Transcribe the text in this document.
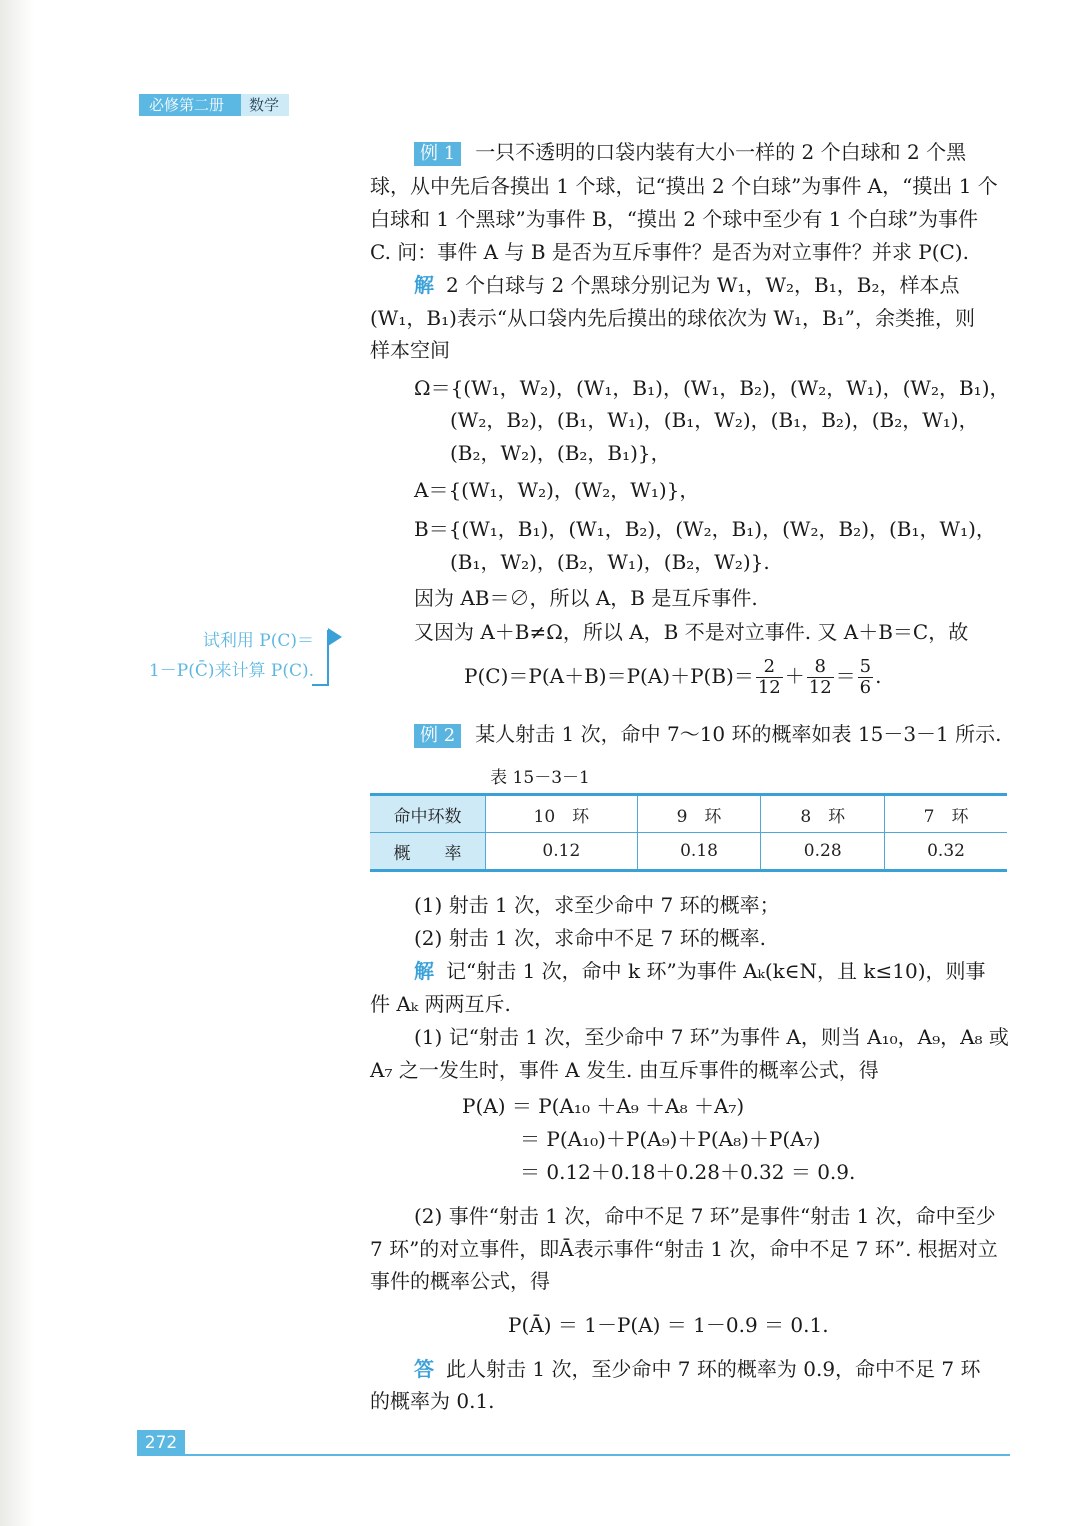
必修第二册	数学
例 1 一只不透明的口袋内装有大小一样的 2 个白球和 2 个黑
球，从中先后各摸出 1 个球，记“摸出 2 个白球”为事件 A，“摸出 1 个
白球和 1 个黑球”为事件 B，“摸出 2 个球中至少有 1 个白球”为事件
C. 问：事件 A 与 B 是否为互斥事件？是否为对立事件？并求 P(C).
解 2 个白球与 2 个黑球分别记为 W₁，W₂，B₁，B₂，样本点
(W₁，B₁)表示“从口袋内先后摸出的球依次为 W₁，B₁”，余类推，则
样本空间
Ω＝{(W₁，W₂)，(W₁，B₁)，(W₁，B₂)，(W₂，W₁)，(W₂，B₁)，
(W₂，B₂)，(B₁，W₁)，(B₁，W₂)，(B₁，B₂)，(B₂，W₁)，
(B₂，W₂)，(B₂，B₁)}，
A＝{(W₁，W₂)，(W₂，W₁)}，
B＝{(W₁，B₁)，(W₁，B₂)，(W₂，B₁)，(W₂，B₂)，(B₁，W₁)，
(B₁，W₂)，(B₂，W₁)，(B₂，W₂)}.
因为 AB＝∅，所以 A，B 是互斥事件.
又因为 A＋B≠Ω，所以 A，B 不是对立事件. 又 A＋B＝C，故
$P(C)=P(A+B)=P(A)+P(B)= \frac{2}{12} + \frac{8}{12} = \frac{5}{6}$ .
例 2 某人射击 1 次，命中 7～10 环的概率如表 15－3－1 所示.
(1) 射击 1 次，求至少命中 7 环的概率；
(2) 射击 1 次，求命中不足 7 环的概率.
解 记“射击 1 次，命中 k 环”为事件 Aₖ(k∈N，且 k≤10)，则事
件 Aₖ 两两互斥.
(1) 记“射击 1 次，至少命中 7 环”为事件 A，则当 A₁₀，A₉，A₈ 或
A₇ 之一发生时，事件 A 发生. 由互斥事件的概率公式，得
P(A) ＝ P(A₁₀ ＋A₉ ＋A₈ ＋A₇)
＝ P(A₁₀)＋P(A₉)＋P(A₈)＋P(A₇)
＝ 0.12＋0.18＋0.28＋0.32 ＝ 0.9.
(2) 事件“射击 1 次，命中不足 7 环”是事件“射击 1 次，命中至少
7 环”的对立事件，即Ā表示事件“射击 1 次，命中不足 7 环”. 根据对立
事件的概率公式，得
P(Ā) ＝ 1－P(A) ＝ 1－0.9 ＝ 0.1.
答 此人射击 1 次，至少命中 7 环的概率为 0.9，命中不足 7 环
的概率为 0.1.
试利用 P(C)＝
1－P(C̄)来计算 P(C).
表 15－3－1
命中环数	10　环	9　环	8　环	7　环
概　　率	0.12	0.18	0.28	0.32
272
